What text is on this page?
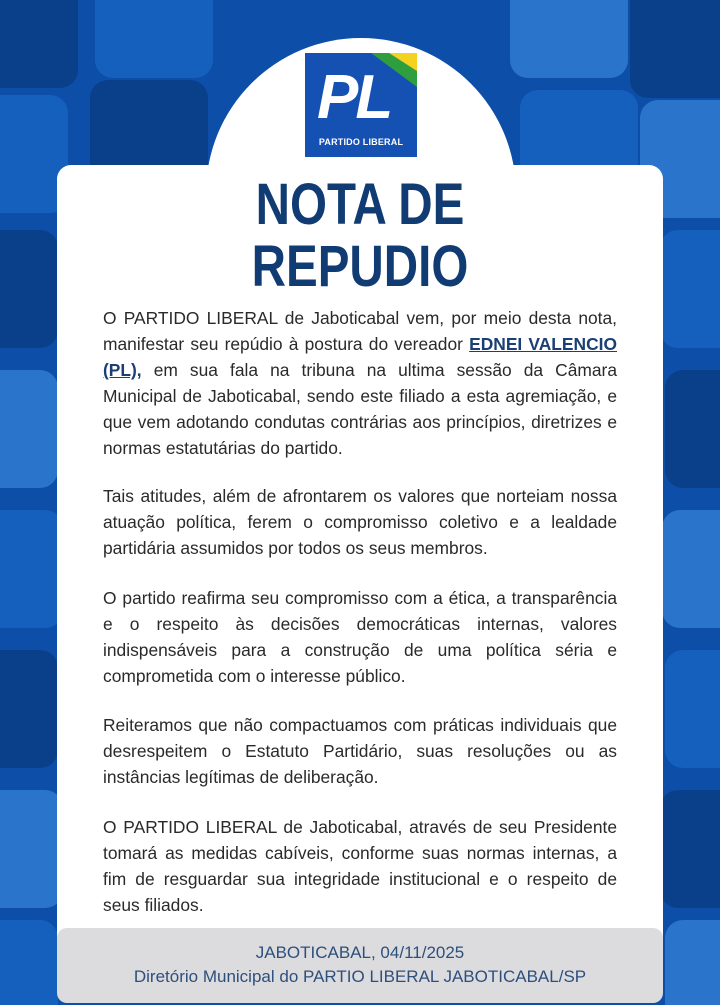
PL
PARTIDO LIBERAL
NOTA DE
REPUDIO
O PARTIDO LIBERAL de Jaboticabal vem, por meio desta nota, manifestar seu repúdio à postura do vereador EDNEI VALENCIO (PL), em sua fala na tribuna na ultima sessão da Câmara Municipal de Jaboticabal, sendo este filiado a esta agremiação, e que vem adotando condutas contrárias aos princípios, diretrizes e normas estatutárias do partido.
Tais atitudes, além de afrontarem os valores que norteiam nossa atuação política, ferem o compromisso coletivo e a lealdade partidária assumidos por todos os seus membros.
O partido reafirma seu compromisso com a ética, a transparência e o respeito às decisões democráticas internas, valores indispensáveis para a construção de uma política séria e comprometida com o interesse público.
Reiteramos que não compactuamos com práticas individuais que desrespeitem o Estatuto Partidário, suas resoluções ou as instâncias legítimas de deliberação.
O PARTIDO LIBERAL de Jaboticabal, através de seu Presidente tomará as medidas cabíveis, conforme suas normas internas, a fim de resguardar sua integridade institucional e o respeito de seus filiados.
JABOTICABAL, 04/11/2025
Diretório Municipal do PARTIO LIBERAL JABOTICABAL/SP
